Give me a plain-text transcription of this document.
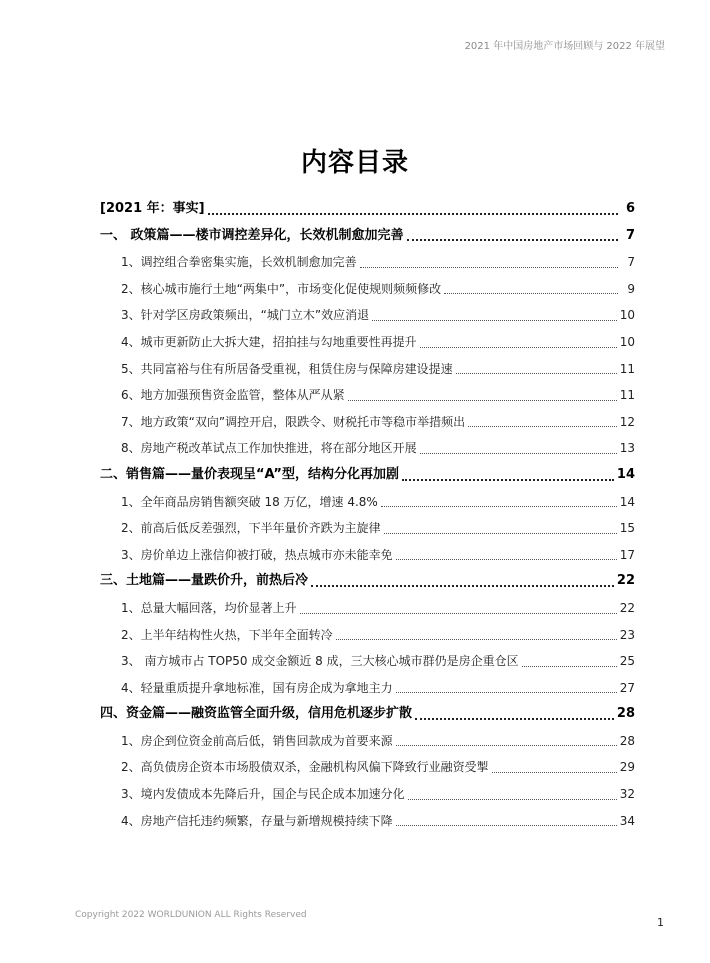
2021 年中国房地产市场回顾与 2022 年展望
内容目录
[2021 年：事实]	6
一、 政策篇——楼市调控差异化，长效机制愈加完善	7
1、调控组合拳密集实施，长效机制愈加完善	7
2、核心城市施行土地“两集中”，市场变化促使规则频频修改	9
3、针对学区房政策频出，“城门立木”效应消退	10
4、城市更新防止大拆大建，招拍挂与勾地重要性再提升	10
5、共同富裕与住有所居备受重视，租赁住房与保障房建设提速	11
6、地方加强预售资金监管，整体从严从紧	11
7、地方政策“双向”调控开启，限跌令、财税托市等稳市举措频出	12
8、房地产税改革试点工作加快推进，将在部分地区开展	13
二、销售篇——量价表现呈“A”型，结构分化再加剧	14
1、全年商品房销售额突破 18 万亿，增速 4.8%	14
2、前高后低反差强烈，下半年量价齐跌为主旋律	15
3、房价单边上涨信仰被打破，热点城市亦未能幸免	17
三、土地篇——量跌价升，前热后冷	22
1、总量大幅回落，均价显著上升	22
2、上半年结构性火热，下半年全面转冷	23
3、 南方城市占 TOP50 成交金额近 8 成，三大核心城市群仍是房企重仓区	25
4、轻量重质提升拿地标准，国有房企成为拿地主力	27
四、资金篇——融资监管全面升级，信用危机逐步扩散	28
1、房企到位资金前高后低，销售回款成为首要来源	28
2、高负债房企资本市场股债双杀，金融机构风偏下降致行业融资受掣	29
3、境内发债成本先降后升，国企与民企成本加速分化	32
4、房地产信托违约频繁，存量与新增规模持续下降	34
Copyright 2022 WORLDUNION ALL Rights Reserved
1
